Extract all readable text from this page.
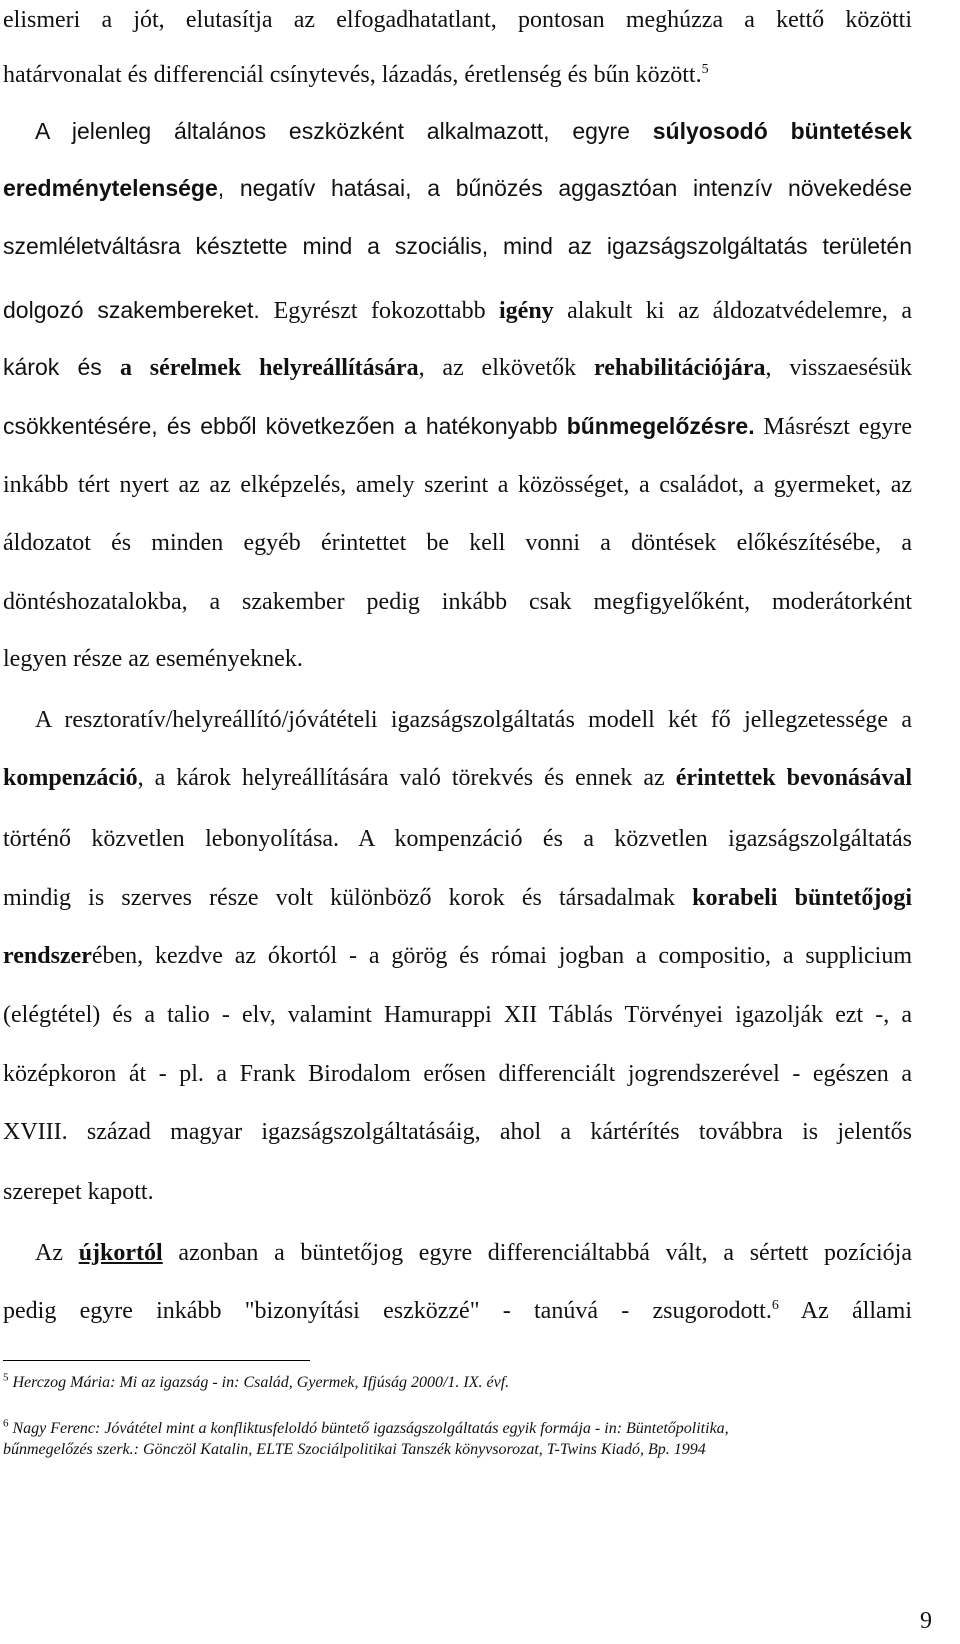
elismeri a jót, elutasítja az elfogadhatatlant, pontosan meghúzza a kettő közötti
határvonalat és differenciál csínytevés, lázadás, éretlenség és bűn között.$^5$
A jelenleg általános eszközként alkalmazott, egyre súlyosodó büntetések
eredménytelensége, negatív hatásai, a bűnözés aggasztóan intenzív növekedése
szemléletváltásra késztette mind a szociális, mind az igazságszolgáltatás területén
dolgozó szakembereket. Egyrészt fokozottabb igény alakult ki az áldozatvédelemre, a
károk és a sérelmek helyreállítására, az elkövetők rehabilitációjára, visszaesésük
csökkentésére, és ebből következően a hatékonyabb bűnmegelőzésre. Másrészt egyre
inkább tért nyert az az elképzelés, amely szerint a közösséget, a családot, a gyermeket, az
áldozatot és minden egyéb érintettet be kell vonni a döntések előkészítésébe, a
döntéshozatalokba, a szakember pedig inkább csak megfigyelőként, moderátorként
legyen része az eseményeknek.
A resztoratív/helyreállító/jóvátételi igazságszolgáltatás modell két fő jellegzetessége a
kompenzáció, a károk helyreállítására való törekvés és ennek az érintettek bevonásával
történő közvetlen lebonyolítása. A kompenzáció és a közvetlen igazságszolgáltatás
mindig is szerves része volt különböző korok és társadalmak korabeli büntetőjogi
rendszerében, kezdve az ókortól - a görög és római jogban a compositio, a supplicium
(elégtétel) és a talio - elv, valamint Hamurappi XII Táblás Törvényei igazolják ezt -, a
középkoron át - pl. a Frank Birodalom erősen differenciált jogrendszerével - egészen a
XVIII. század magyar igazságszolgáltatásáig, ahol a kártérítés továbbra is jelentős
szerepet kapott.
Az újkortól azonban a büntetőjog egyre differenciáltabbá vált, a sértett pozíciója
pedig egyre inkább "bizonyítási eszközzé" - tanúvá - zsugorodott.$^6$ Az állami
$^5$ Herczog Mária: Mi az igazság - in: Család, Gyermek, Ifjúság 2000/1. IX. évf.
$^6$ Nagy Ferenc: Jóvátétel mint a konfliktusfeloldó büntető igazságszolgáltatás egyik formája - in: Büntetőpolitika,
bűnmegelőzés szerk.: Gönczöl Katalin, ELTE Szociálpolitikai Tanszék könyvsorozat, T-Twins Kiadó, Bp. 1994
9
